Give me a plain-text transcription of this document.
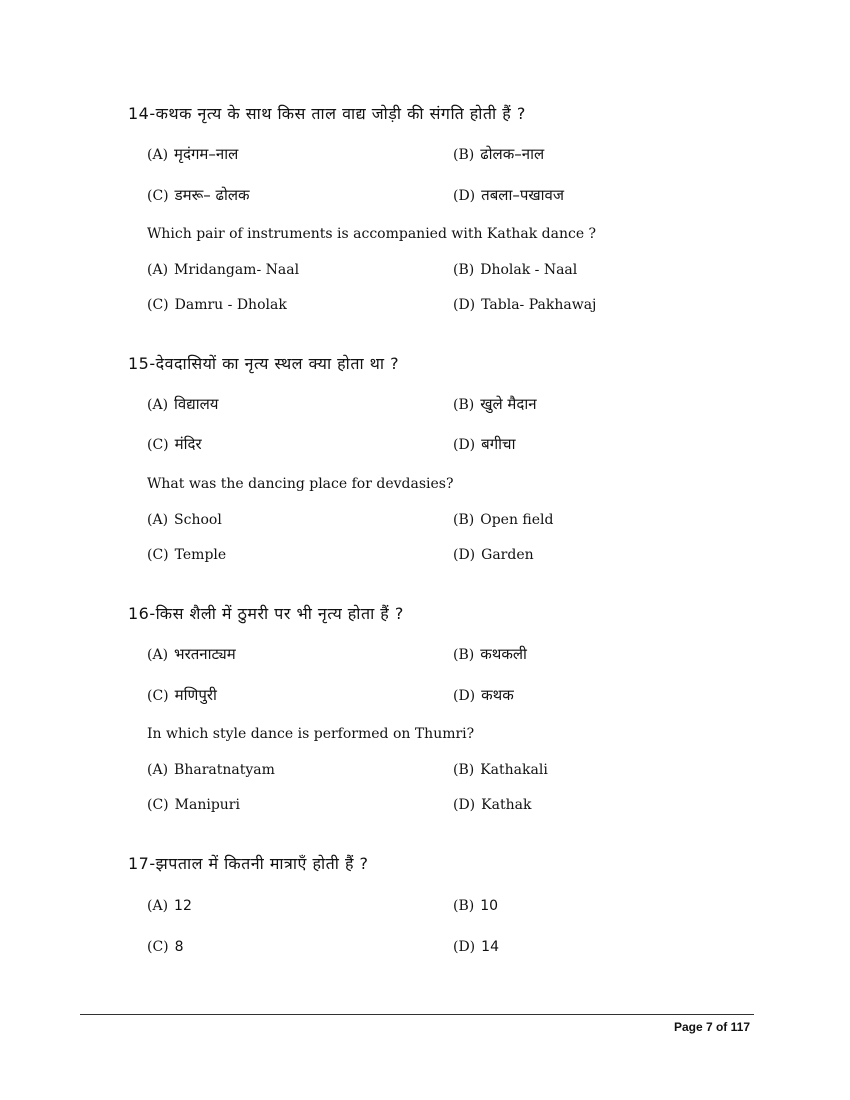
14-कथक नृत्य के साथ किस ताल वाद्य जोड़ी की संगति होती हैं ?
(A) मृदंगम–नाल	(B) ढोलक–नाल
(C) डमरू– ढोलक	(D) तबला–पखावज
Which pair of instruments is accompanied with Kathak dance ?
(A) Mridangam- Naal	(B) Dholak - Naal
(C) Damru - Dholak	(D) Tabla- Pakhawaj
15-देवदासियों का नृत्य स्थल क्या होता था ?
(A) विद्यालय	(B) खुले मैदान
(C) मंदिर	(D) बगीचा
What was the dancing place for devdasies?
(A) School	(B) Open field
(C) Temple	(D) Garden
16-किस शैली में ठुमरी पर भी नृत्य होता हैं ?
(A) भरतनाट्यम	(B) कथकली
(C) मणिपुरी	(D) कथक
In which style dance is performed on Thumri?
(A) Bharatnatyam	(B) Kathakali
(C) Manipuri	(D) Kathak
17-झपताल में कितनी मात्राएँ होती हैं ?
(A) 12	(B) 10
(C) 8	(D) 14
Page 7 of 117
